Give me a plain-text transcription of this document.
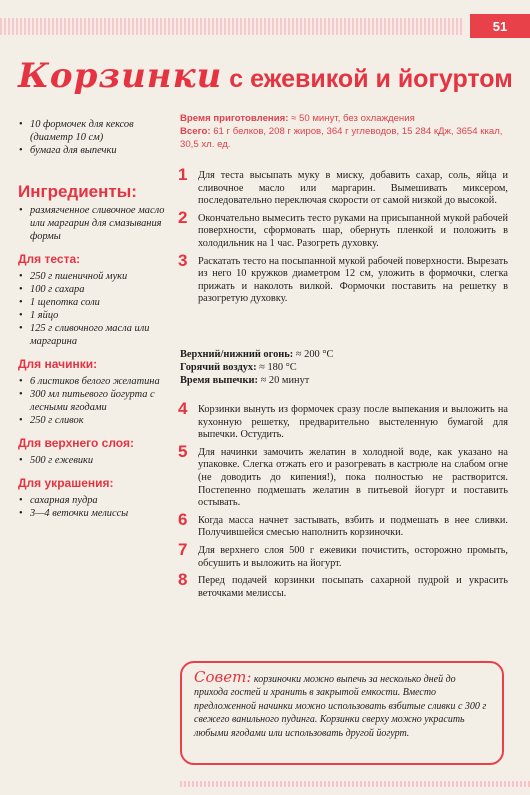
51
Корзинки с ежевикой и йогуртом
• 10 формочек для кексов (диаметр 10 см)
• бумага для выпечки
Ингредиенты:
• размягченное сливочное масло или маргарин для смазывания формы
Для теста:
• 250 г пшеничной муки
• 100 г сахара
• 1 щепотка соли
• 1 яйцо
• 125 г сливочного масла или маргарина
Для начинки:
• 6 листиков белого желатина
• 300 мл питьевого йогурта с лесными ягодами
• 250 г сливок
Для верхнего слоя:
• 500 г ежевики
Для украшения:
• сахарная пудра
• 3—4 веточки мелиссы
Время приготовления: ≈ 50 минут, без охлаждения
Всего: 61 г белков, 208 г жиров, 364 г углеводов, 15 284 кДж, 3654 ккал, 30,5 хл. ед.
1 Для теста высыпать муку в миску, добавить сахар, соль, яйца и сливочное масло или маргарин. Вымешивать миксером, последовательно переключая скорости от самой низкой до высокой.
2 Окончательно вымесить тесто руками на присыпанной мукой рабочей поверхности, сформовать шар, обернуть пленкой и положить в холодильник на 1 час. Разогреть духовку.
3 Раскатать тесто на посыпанной мукой рабочей поверхности. Вырезать из него 10 кружков диаметром 12 см, уложить в формочки, слегка прижать и наколоть вилкой. Формочки поставить на решетку в разогретую духовку.
Верхний/нижний огонь: ≈ 200 °С
Горячий воздух: ≈ 180 °С
Время выпечки: ≈ 20 минут
4 Корзинки вынуть из формочек сразу после выпекания и выложить на кухонную решетку, предварительно выстеленную бумагой для выпечки. Остудить.
5 Для начинки замочить желатин в холодной воде, как указано на упаковке. Слегка отжать его и разогревать в кастрюле на слабом огне (не доводить до кипения!), пока полностью не растворится. Постепенно подмешать желатин в питьевой йогурт и поставить остывать.
6 Когда масса начнет застывать, взбить и подмешать в нее сливки. Получившейся смесью наполнить корзиночки.
7 Для верхнего слоя 500 г ежевики почистить, осторожно промыть, обсушить и выложить на йогурт.
8 Перед подачей корзинки посыпать сахарной пудрой и украсить веточками мелиссы.
Совет: корзиночки можно выпечь за несколько дней до прихода гостей и хранить в закрытой емкости. Вместо предложенной начинки можно использовать взбитые сливки с 300 г свежего ванильного пудинга. Корзинки сверху можно украсить любыми ягодами или использовать другой йогурт.
